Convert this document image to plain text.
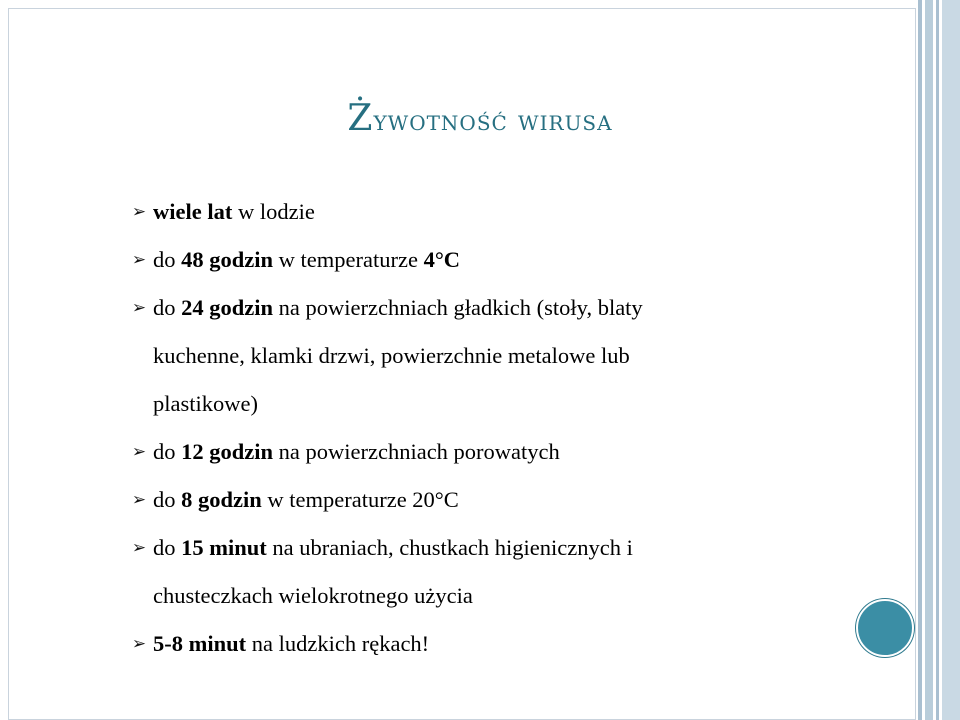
Żywotność wirusa
➢ wiele lat w lodzie
➢ do 48 godzin w temperaturze 4°C
➢ do 24 godzin na powierzchniach gładkich (stoły, blaty
kuchenne, klamki drzwi, powierzchnie metalowe lub
plastikowe)
➢ do 12 godzin na powierzchniach porowatych
➢ do 8 godzin w temperaturze 20°C
➢ do 15 minut na ubraniach, chustkach higienicznych i
chusteczkach wielokrotnego użycia
➢ 5-8 minut na ludzkich rękach!
